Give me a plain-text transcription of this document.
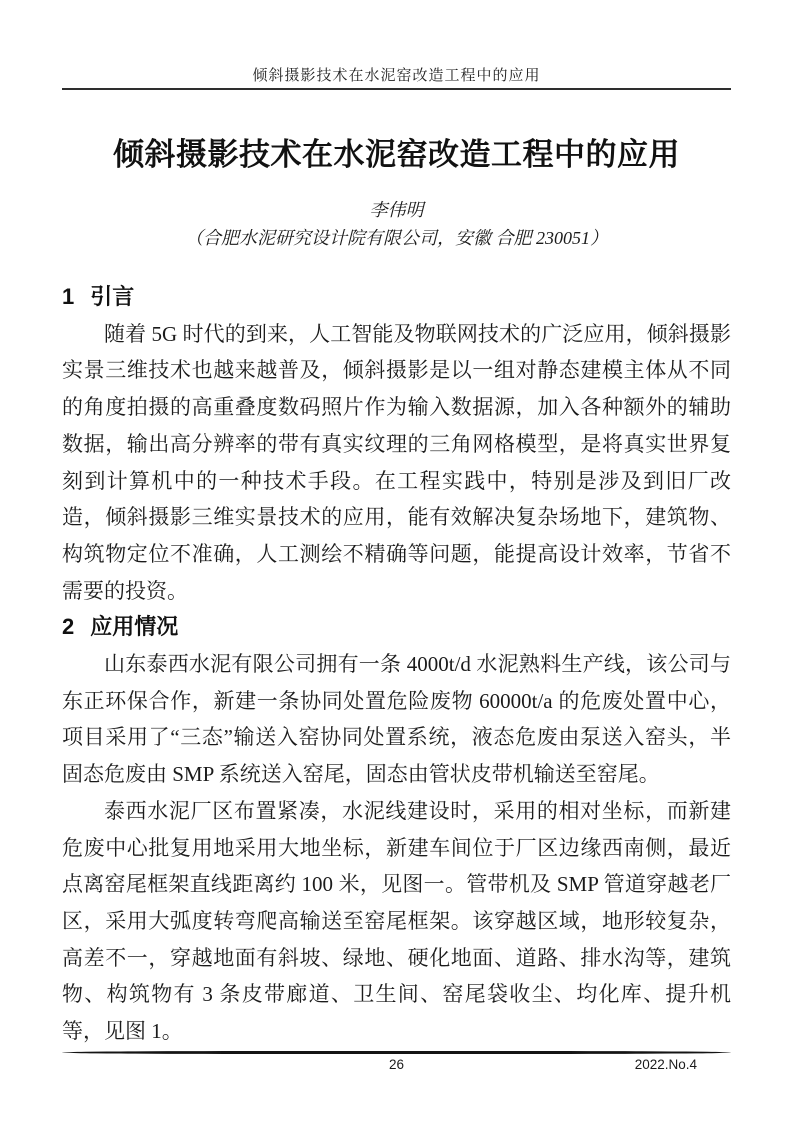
倾斜摄影技术在水泥窑改造工程中的应用
倾斜摄影技术在水泥窑改造工程中的应用
李伟明
（合肥水泥研究设计院有限公司，安徽 合肥 230051）
1 引言

随着 5G 时代的到来，人工智能及物联网技术的广泛应用，倾斜摄影实景三维技术也越来越普及，倾斜摄影是以一组对静态建模主体从不同的角度拍摄的高重叠度数码照片作为输入数据源，加入各种额外的辅助数据，输出高分辨率的带有真实纹理的三角网格模型，是将真实世界复刻到计算机中的一种技术手段。在工程实践中，特别是涉及到旧厂改造，倾斜摄影三维实景技术的应用，能有效解决复杂场地下，建筑物、构筑物定位不准确，人工测绘不精确等问题，能提高设计效率，节省不需要的投资。

2 应用情况

山东泰西水泥有限公司拥有一条 4000t/d 水泥熟料生产线，该公司与东正环保合作，新建一条协同处置危险废物 60000t/a 的危废处置中心，项目采用了“三态”输送入窑协同处置系统，液态危废由泵送入窑头，半固态危废由 SMP 系统送入窑尾，固态由管状皮带机输送至窑尾。

泰西水泥厂区布置紧凑，水泥线建设时，采用的相对坐标，而新建危废中心批复用地采用大地坐标，新建车间位于厂区边缘西南侧，最近点离窑尾框架直线距离约 100 米，见图一。管带机及 SMP 管道穿越老厂区，采用大弧度转弯爬高输送至窑尾框架。该穿越区域，地形较复杂，高差不一，穿越地面有斜坡、绿地、硬化地面、道路、排水沟等，建筑物、构筑物有 3 条皮带廊道、卫生间、窑尾袋收尘、均化库、提升机等，见图 1。

26	2022.No.4
